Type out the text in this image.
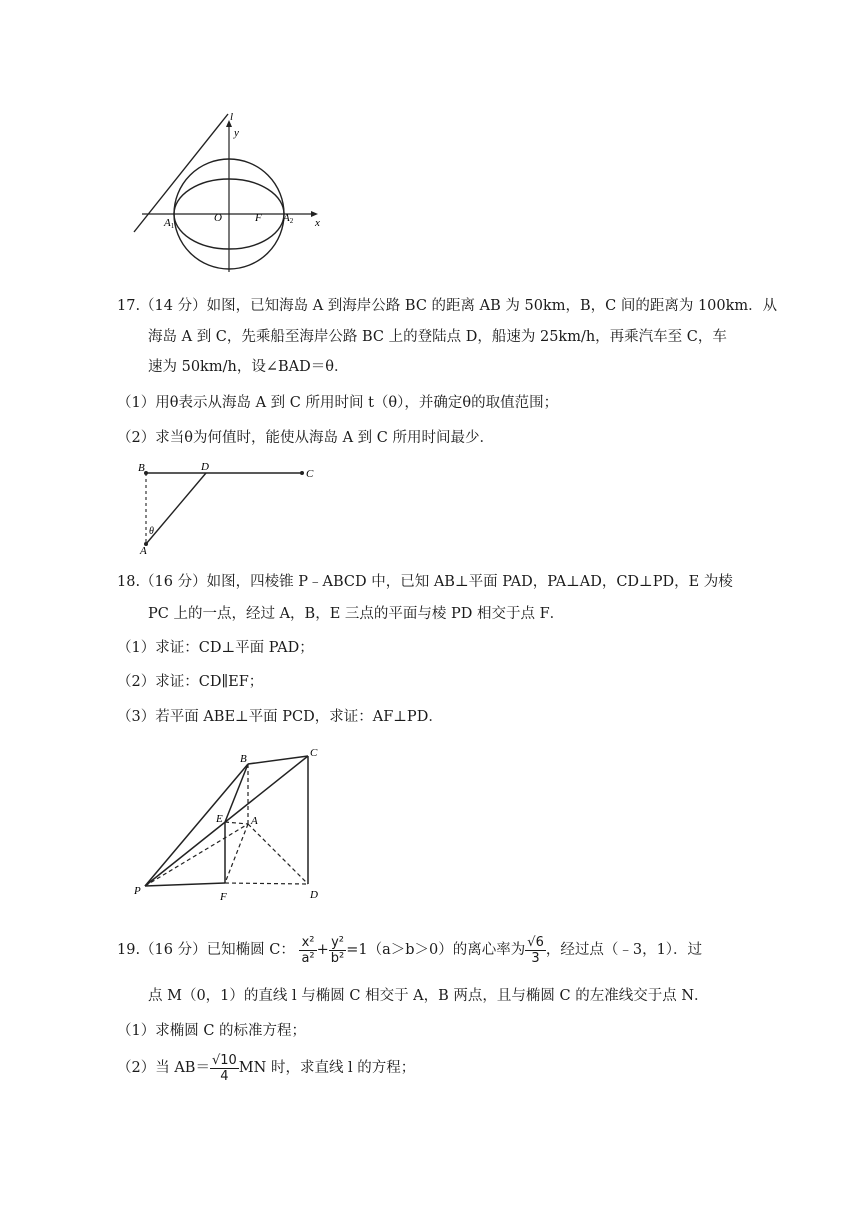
l
y
x
A1
O	F A2
17.（14 分）如图，已知海岛 A 到海岸公路 BC 的距离 AB 为 50km，B，C 间的距离为 100km．从
海岛 A 到 C，先乘船至海岸公路 BC 上的登陆点 D，船速为 25km/h，再乘汽车至 C，车
速为 50km/h，设∠BAD＝θ．
（1）用θ表示从海岛 A 到 C 所用时间 t（θ），并确定θ的取值范围；
（2）求当θ为何值时，能使从海岛 A 到 C 所用时间最少．
B	D
C
A
θ
18.（16 分）如图，四棱锥 P﹣ABCD 中，已知 AB⊥平面 PAD，PA⊥AD，CD⊥PD，E 为棱
PC 上的一点，经过 A，B，E 三点的平面与棱 PD 相交于点 F．
（1）求证：CD⊥平面 PAD；
（2）求证：CD∥EF；
（3）若平面 ABE⊥平面 PCD，求证：AF⊥PD．
B	C
E	A
P	F	D
19.（16 分）已知椭圆 C： $\frac{\text{x²}}{\text{a²}} + \frac{\text{y²}}{\text{b²}} =1(a>b>0)$的离心率为 $\frac{√6}{3}$ ，经过点（﹣3，1）．过
点 M（0，1）的直线 l 与椭圆 C 相交于 A，B 两点，且与椭圆 C 的左准线交于点 N．
（1）求椭圆 C 的标准方程；
（2）当 $AB= \frac{√10}{4}$ MN 时，求直线 l 的方程；
